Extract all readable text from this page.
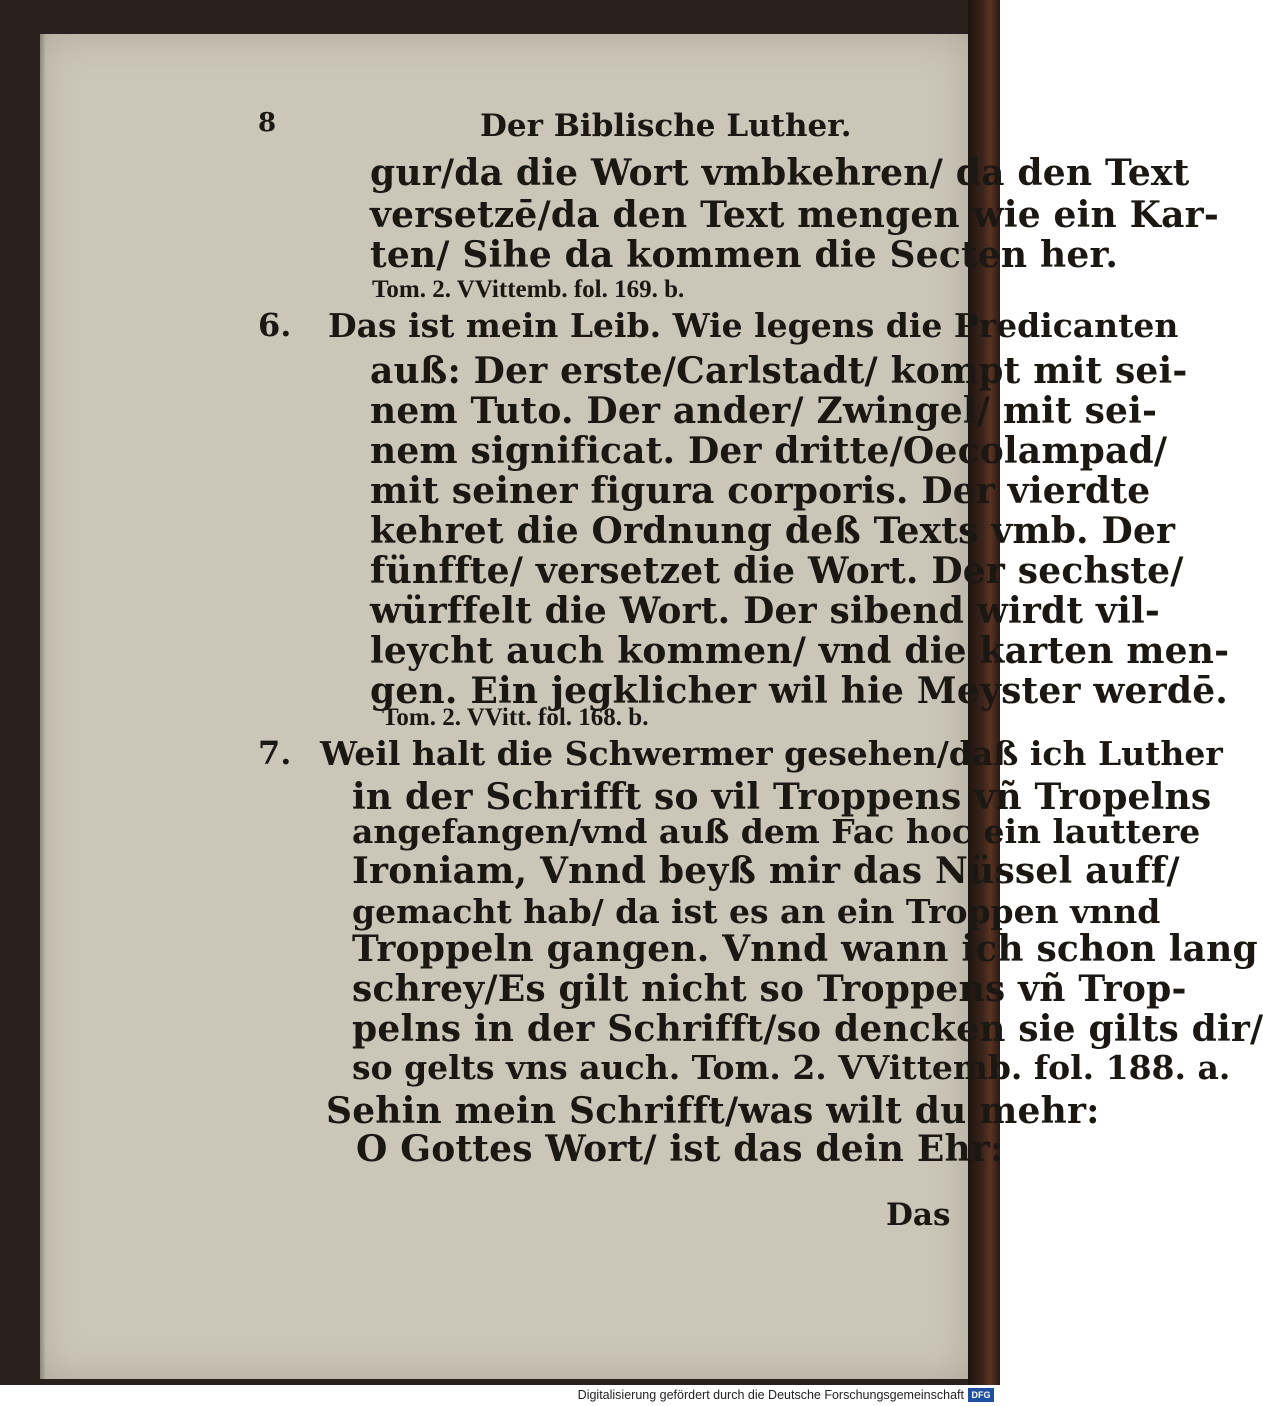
8	Der Biblische Luther.
gur/da die Wort vmbkehren/ da den Text
versetzē/da den Text mengen wie ein Kar-
ten/ Sihe da kommen die Secten her.
Tom. 2. VVittemb. fol. 169. b.
6. Das ist mein Leib. Wie legens die Predicanten
auß: Der erste/Carlstadt/ kompt mit sei-
nem Tuto. Der ander/ Zwingel/ mit sei-
nem significat. Der dritte/Oecolampad/
mit seiner figura corporis. Der vierdte
kehret die Ordnung deß Texts vmb. Der
fünffte/ versetzet die Wort. Der sechste/
würffelt die Wort. Der sibend wirdt vil-
leycht auch kommen/ vnd die karten men-
gen. Ein jegklicher wil hie Meyster werdē.
Tom. 2. VVitt. fol. 168. b.
7. Weil halt die Schwermer gesehen/daß ich Luther
in der Schrifft so vil Troppens vñ Tropelns
angefangen/vnd auß dem Fac hoc ein lauttere
Ironiam, Vnnd beyß mir das Nüssel auff/
gemacht hab/ da ist es an ein Troppen vnnd
Troppeln gangen. Vnnd wann ich schon lang
schrey/Es gilt nicht so Troppens vñ Trop-
pelns in der Schrifft/so dencken sie gilts dir/
so gelts vns auch. Tom. 2. VVittemb. fol. 188. a.
Sehin mein Schrifft/was wilt du mehr:
O Gottes Wort/ ist das dein Ehr:
Das
Digitalisierung gefördert durch die Deutsche Forschungsgemeinschaft DFG
